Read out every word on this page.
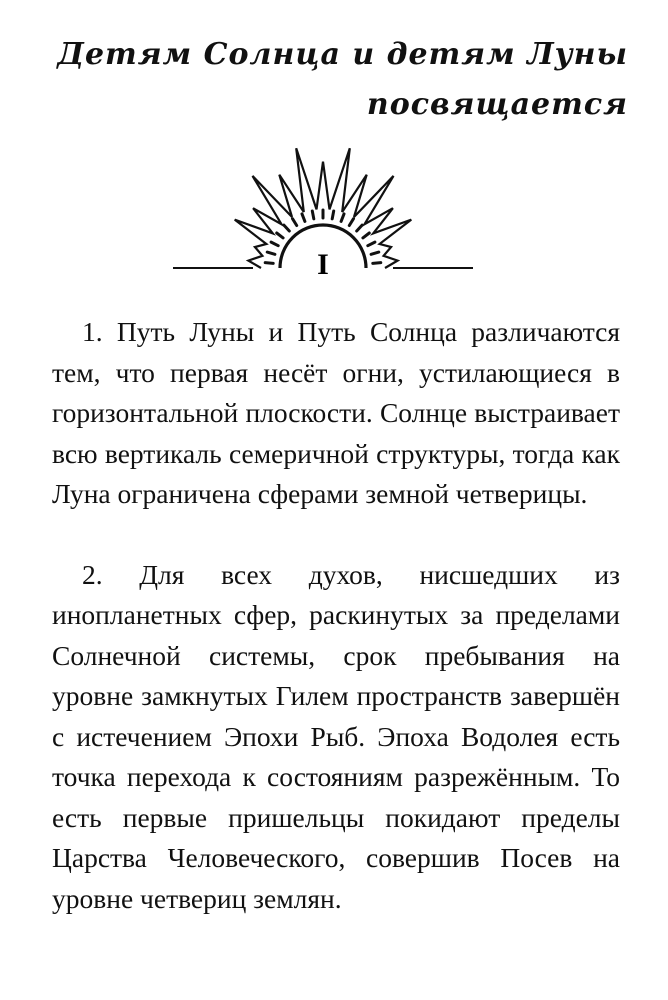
Детям Солнца и детям Луны
посвящается
I

1. Путь Луны и Путь Солнца различаются тем, что первая несёт огни, устилающиеся в горизонтальной плоскости. Солнце выстраивает всю вертикаль семеричной структуры, тогда как Луна ограничена сферами земной четверицы.

2. Для всех духов, нисшедших из инопланетных сфер, раскинутых за пределами Солнечной системы, срок пребывания на уровне замкнутых Гилем пространств завершён с истечением Эпохи Рыб. Эпоха Водолея есть точка перехода к состояниям разрежённым. То есть первые пришельцы покидают пределы Царства Человеческого, совершив Посев на уровне четвериц землян.
